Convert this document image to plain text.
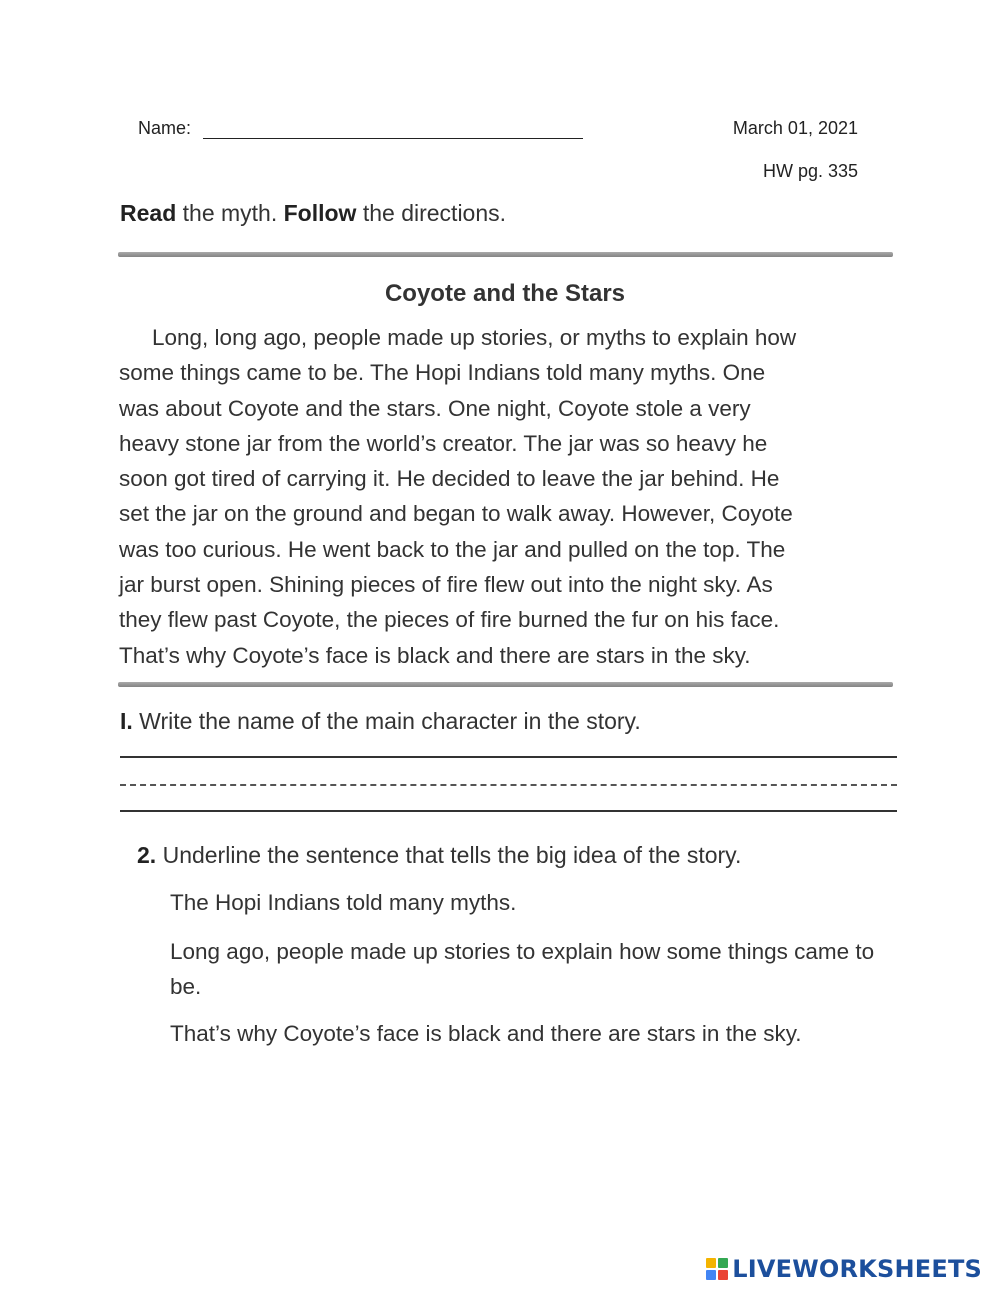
Name:	March 01, 2021
HW pg. 335
Read the myth. Follow the directions.
Coyote and the Stars
Long, long ago, people made up stories, or myths to explain how
some things came to be. The Hopi Indians told many myths. One
was about Coyote and the stars. One night, Coyote stole a very
heavy stone jar from the world’s creator. The jar was so heavy he
soon got tired of carrying it. He decided to leave the jar behind. He
set the jar on the ground and began to walk away. However, Coyote
was too curious. He went back to the jar and pulled on the top. The
jar burst open. Shining pieces of fire flew out into the night sky. As
they flew past Coyote, the pieces of fire burned the fur on his face.
That’s why Coyote’s face is black and there are stars in the sky.
I. Write the name of the main character in the story.
2. Underline the sentence that tells the big idea of the story.
The Hopi Indians told many myths.
Long ago, people made up stories to explain how some things came to be.
That’s why Coyote’s face is black and there are stars in the sky.
LIVEWORKSHEETS
